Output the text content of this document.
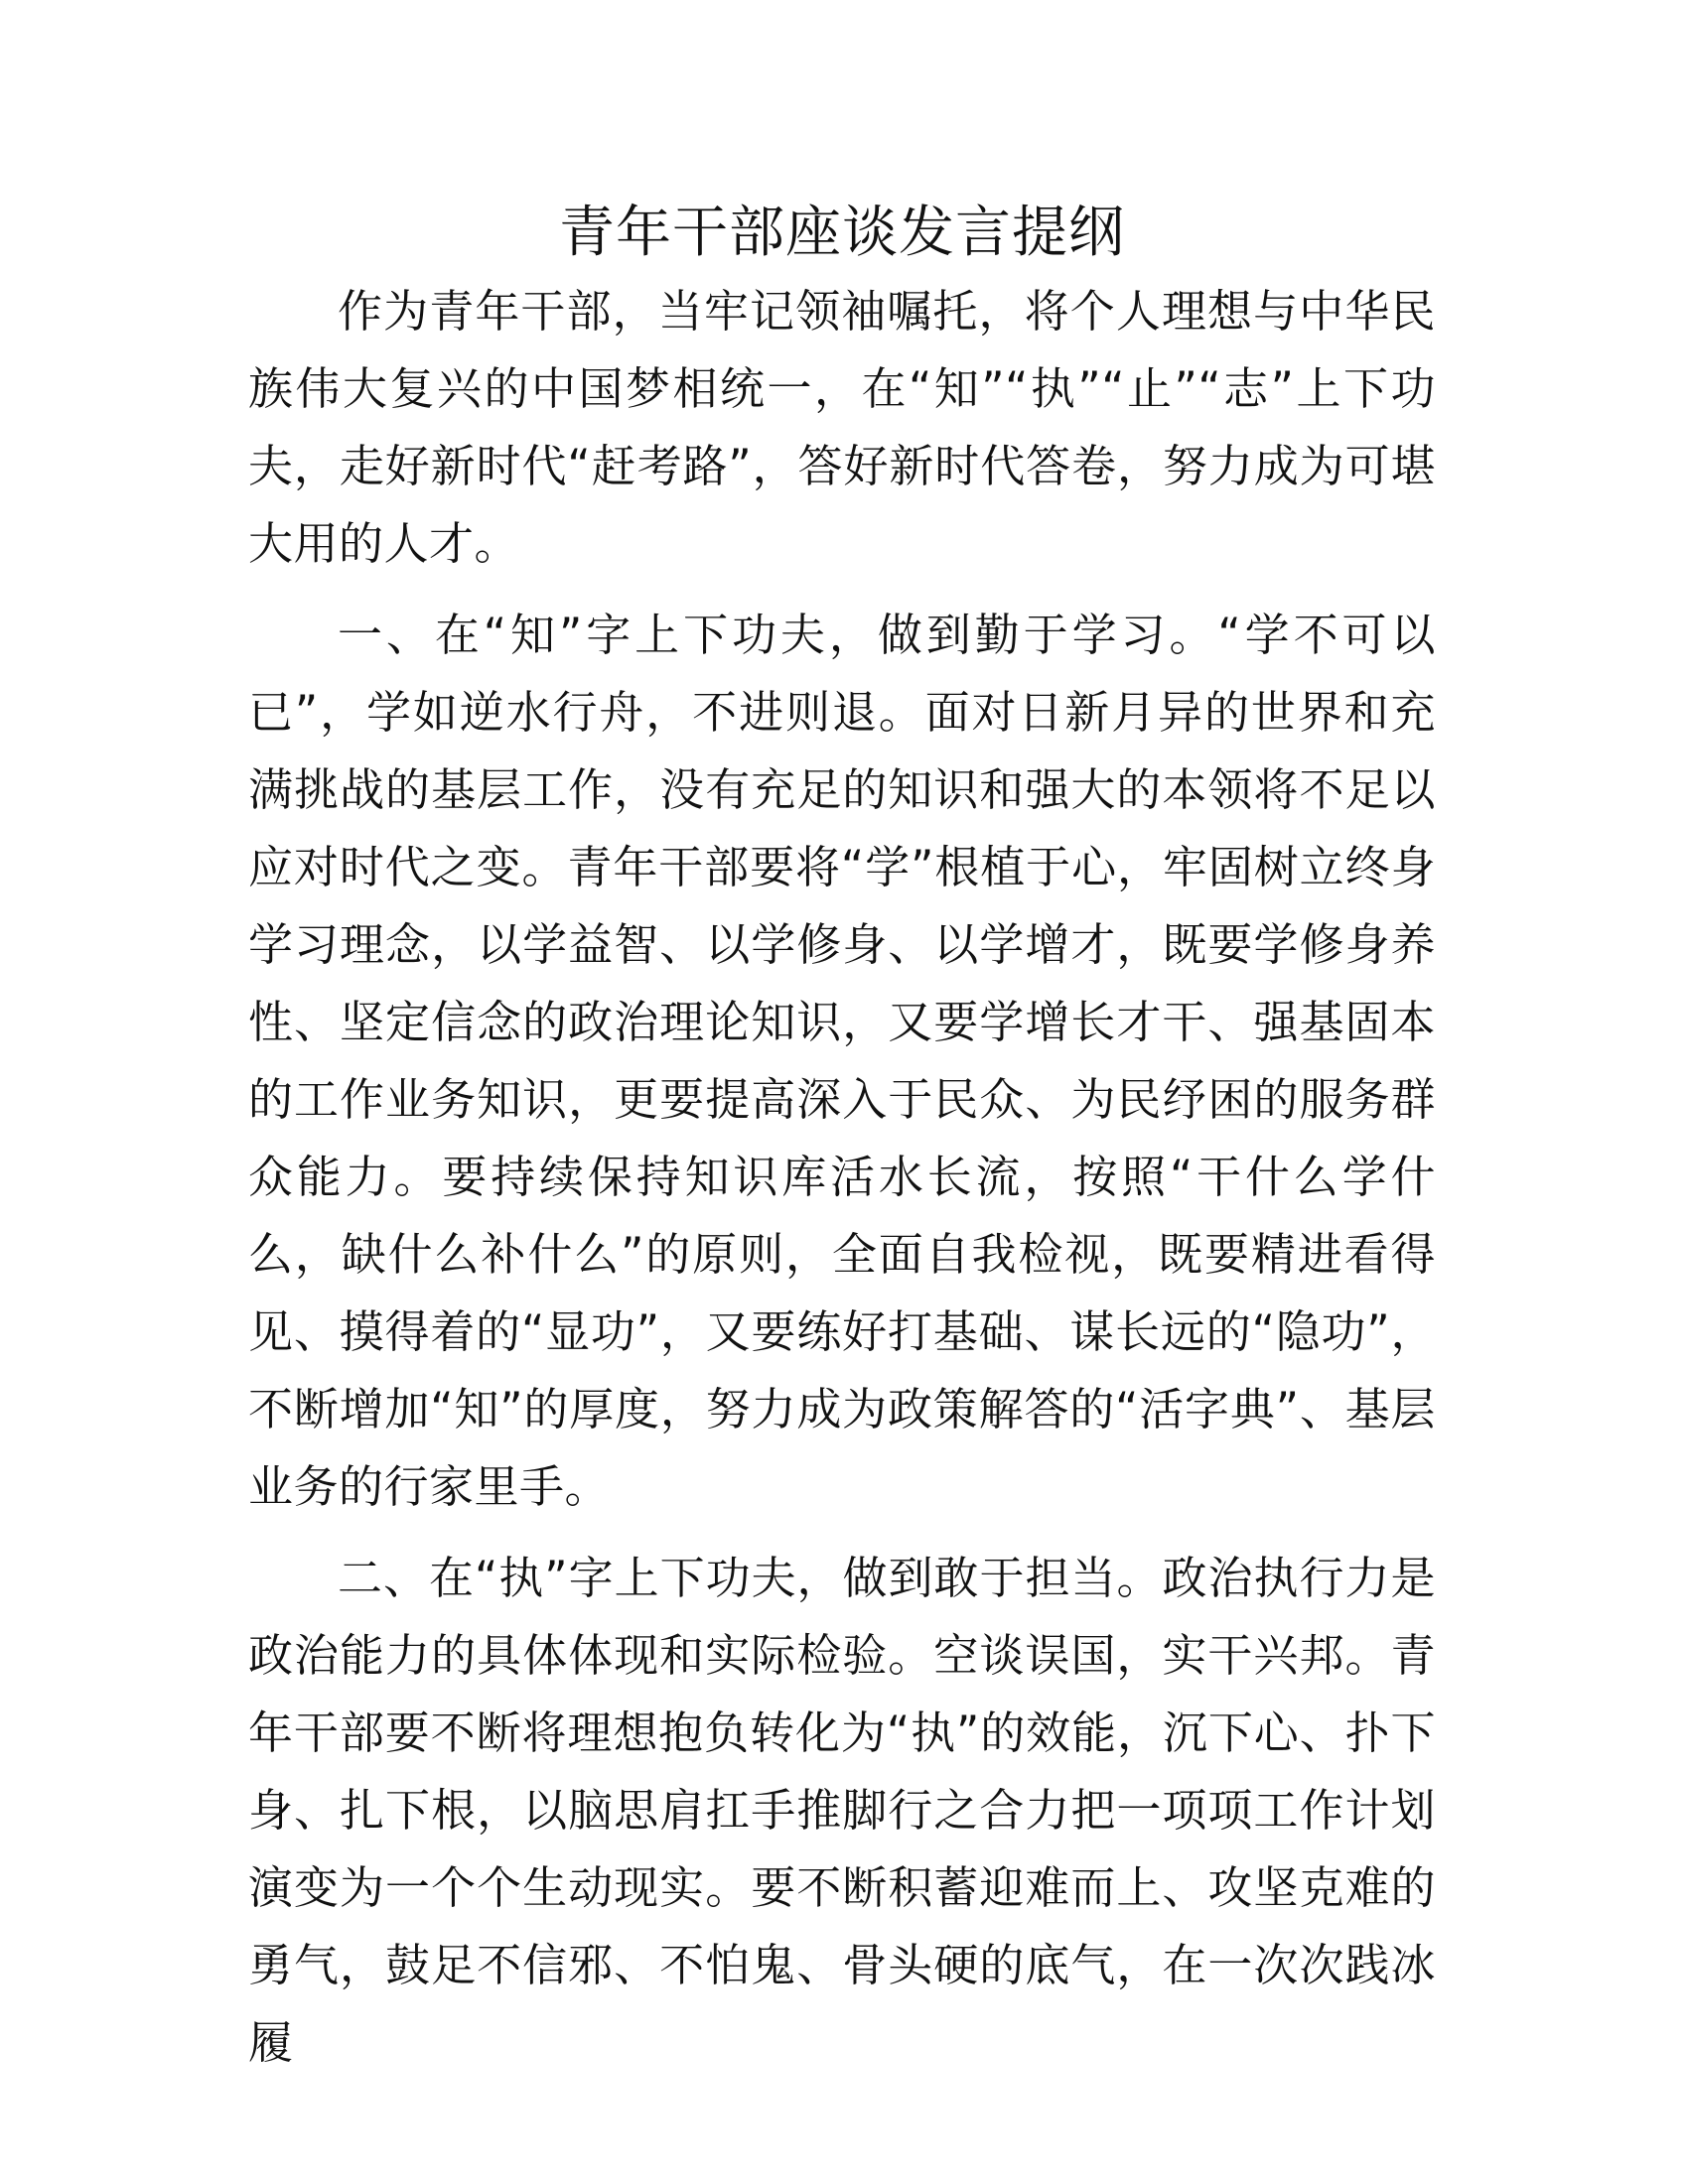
青年干部座谈发言提纲

作为青年干部，当牢记领袖嘱托，将个人理想与中华民族伟大复兴的中国梦相统一，在“知”“执”“止”“志”上下功夫，走好新时代“赶考路”，答好新时代答卷，努力成为可堪大用的人才。

一、在“知”字上下功夫，做到勤于学习。“学不可以已”，学如逆水行舟，不进则退。面对日新月异的世界和充满挑战的基层工作，没有充足的知识和强大的本领将不足以应对时代之变。青年干部要将“学”根植于心，牢固树立终身学习理念，以学益智、以学修身、以学增才，既要学修身养性、坚定信念的政治理论知识，又要学增长才干、强基固本的工作业务知识，更要提高深入于民众、为民纾困的服务群众能力。要持续保持知识库活水长流，按照“干什么学什么，缺什么补什么”的原则，全面自我检视，既要精进看得见、摸得着的“显功”，又要练好打基础、谋长远的“隐功”，不断增加“知”的厚度，努力成为政策解答的“活字典”、基层业务的行家里手。

二、在“执”字上下功夫，做到敢于担当。政治执行力是政治能力的具体体现和实际检验。空谈误国，实干兴邦。青年干部要不断将理想抱负转化为“执”的效能，沉下心、扑下身、扎下根，以脑思肩扛手推脚行之合力把一项项工作计划演变为一个个生动现实。要不断积蓄迎难而上、攻坚克难的勇气，鼓足不信邪、不怕鬼、骨头硬的底气，在一次次践冰履
